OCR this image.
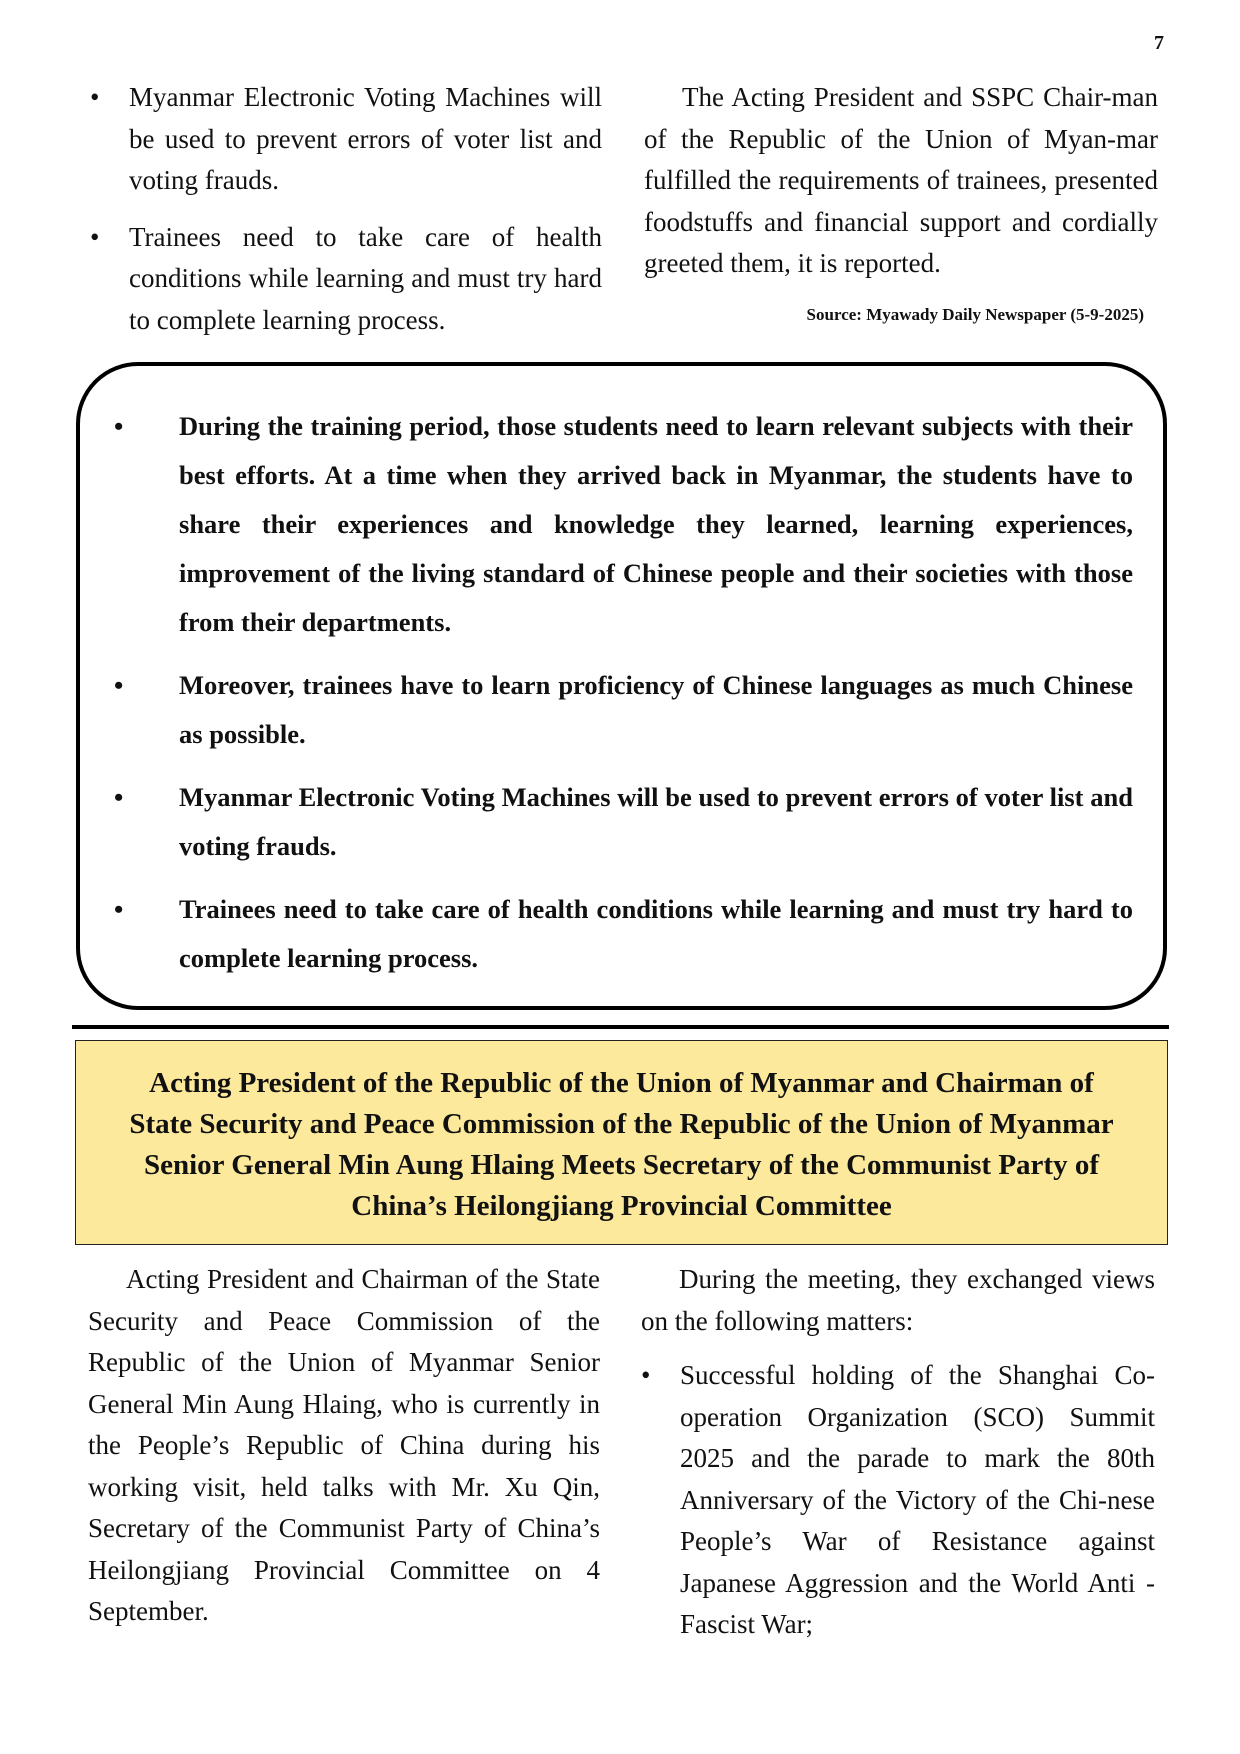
7
• Myanmar Electronic Voting Machines will be used to prevent errors of voter list and voting frauds.
• Trainees need to take care of health conditions while learning and must try hard to complete learning process.

The Acting President and SSPC Chair-man of the Republic of the Union of Myan-mar fulfilled the requirements of trainees, presented foodstuffs and financial support and cordially greeted them, it is reported.

Source: Myawady Daily Newspaper (5-9-2025)
• During the training period, those students need to learn relevant subjects with their best efforts. At a time when they arrived back in Myanmar, the students have to share their experiences and knowledge they learned, learning experiences, improvement of the living standard of Chinese people and their societies with those from their departments.
• Moreover, trainees have to learn proficiency of Chinese languages as much Chinese as possible.
• Myanmar Electronic Voting Machines will be used to prevent errors of voter list and voting frauds.
• Trainees need to take care of health conditions while learning and must try hard to complete learning process.
Acting President of the Republic of the Union of Myanmar and Chairman of
State Security and Peace Commission of the Republic of the Union of Myanmar
Senior General Min Aung Hlaing Meets Secretary of the Communist Party of
China’s Heilongjiang Provincial Committee

Acting President and Chairman of the State Security and Peace Commission of the Republic of the Union of Myanmar Senior General Min Aung Hlaing, who is currently in the People’s Republic of China during his working visit, held talks with Mr. Xu Qin, Secretary of the Communist Party of China’s Heilongjiang Provincial Committee on 4 September.

During the meeting, they exchanged views on the following matters:

• Successful holding of the Shanghai Co-operation Organization (SCO) Summit 2025 and the parade to mark the 80th Anniversary of the Victory of the Chi-nese People’s War of Resistance against Japanese Aggression and the World Anti -Fascist War;
